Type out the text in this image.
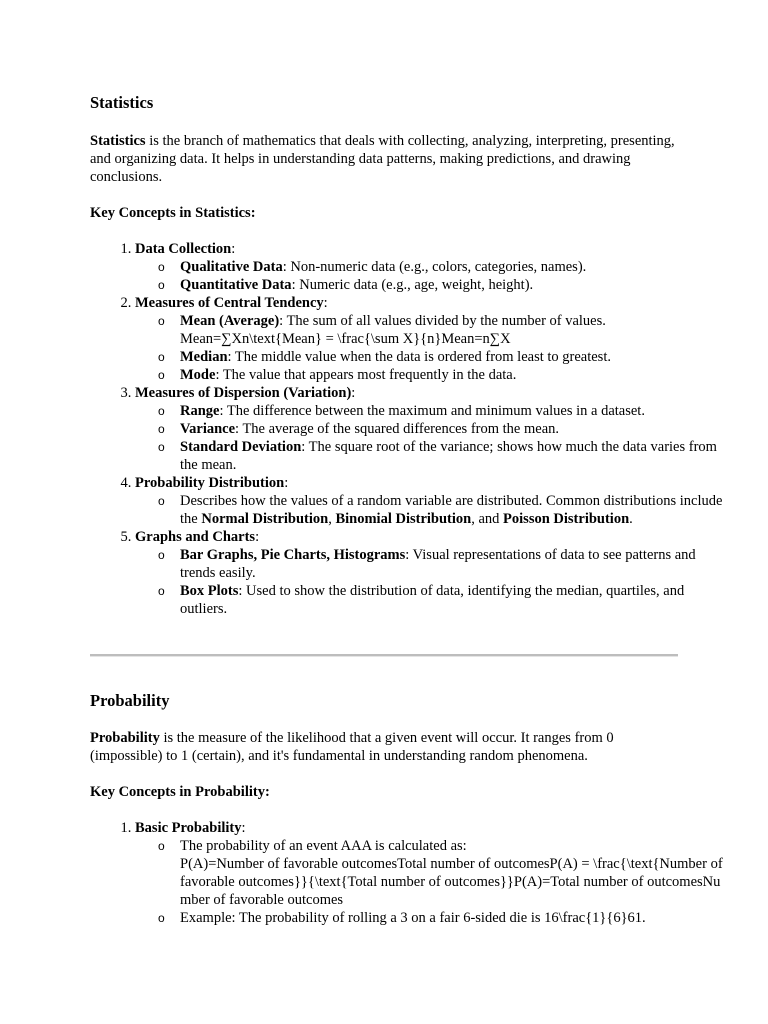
Statistics

Statistics is the branch of mathematics that deals with collecting, analyzing, interpreting, presenting, and organizing data. It helps in understanding data patterns, making predictions, and drawing conclusions.

Key Concepts in Statistics:

1. Data Collection:
o Qualitative Data: Non-numeric data (e.g., colors, categories, names).
o Quantitative Data: Numeric data (e.g., age, weight, height).
2. Measures of Central Tendency:
o Mean (Average): The sum of all values divided by the number of values.
Mean=∑Xn\text{Mean} = \frac{\sum X}{n}Mean=n∑X
o Median: The middle value when the data is ordered from least to greatest.
o Mode: The value that appears most frequently in the data.
3. Measures of Dispersion (Variation):
o Range: The difference between the maximum and minimum values in a dataset.
o Variance: The average of the squared differences from the mean.
o Standard Deviation: The square root of the variance; shows how much the data varies from the mean.
4. Probability Distribution:
o Describes how the values of a random variable are distributed. Common distributions include the Normal Distribution, Binomial Distribution, and Poisson Distribution.
5. Graphs and Charts:
o Bar Graphs, Pie Charts, Histograms: Visual representations of data to see patterns and trends easily.
o Box Plots: Used to show the distribution of data, identifying the median, quartiles, and outliers.
Probability

Probability is the measure of the likelihood that a given event will occur. It ranges from 0 (impossible) to 1 (certain), and it's fundamental in understanding random phenomena.

Key Concepts in Probability:

1. Basic Probability:
o The probability of an event AAA is calculated as:
P(A)=Number of favorable outcomesTotal number of outcomesP(A) = \frac{\text{Number of favorable outcomes}}{\text{Total number of outcomes}}P(A)=Total number of outcomesNumber of favorable outcomes
o Example: The probability of rolling a 3 on a fair 6-sided die is 16\frac{1}{6}61.
